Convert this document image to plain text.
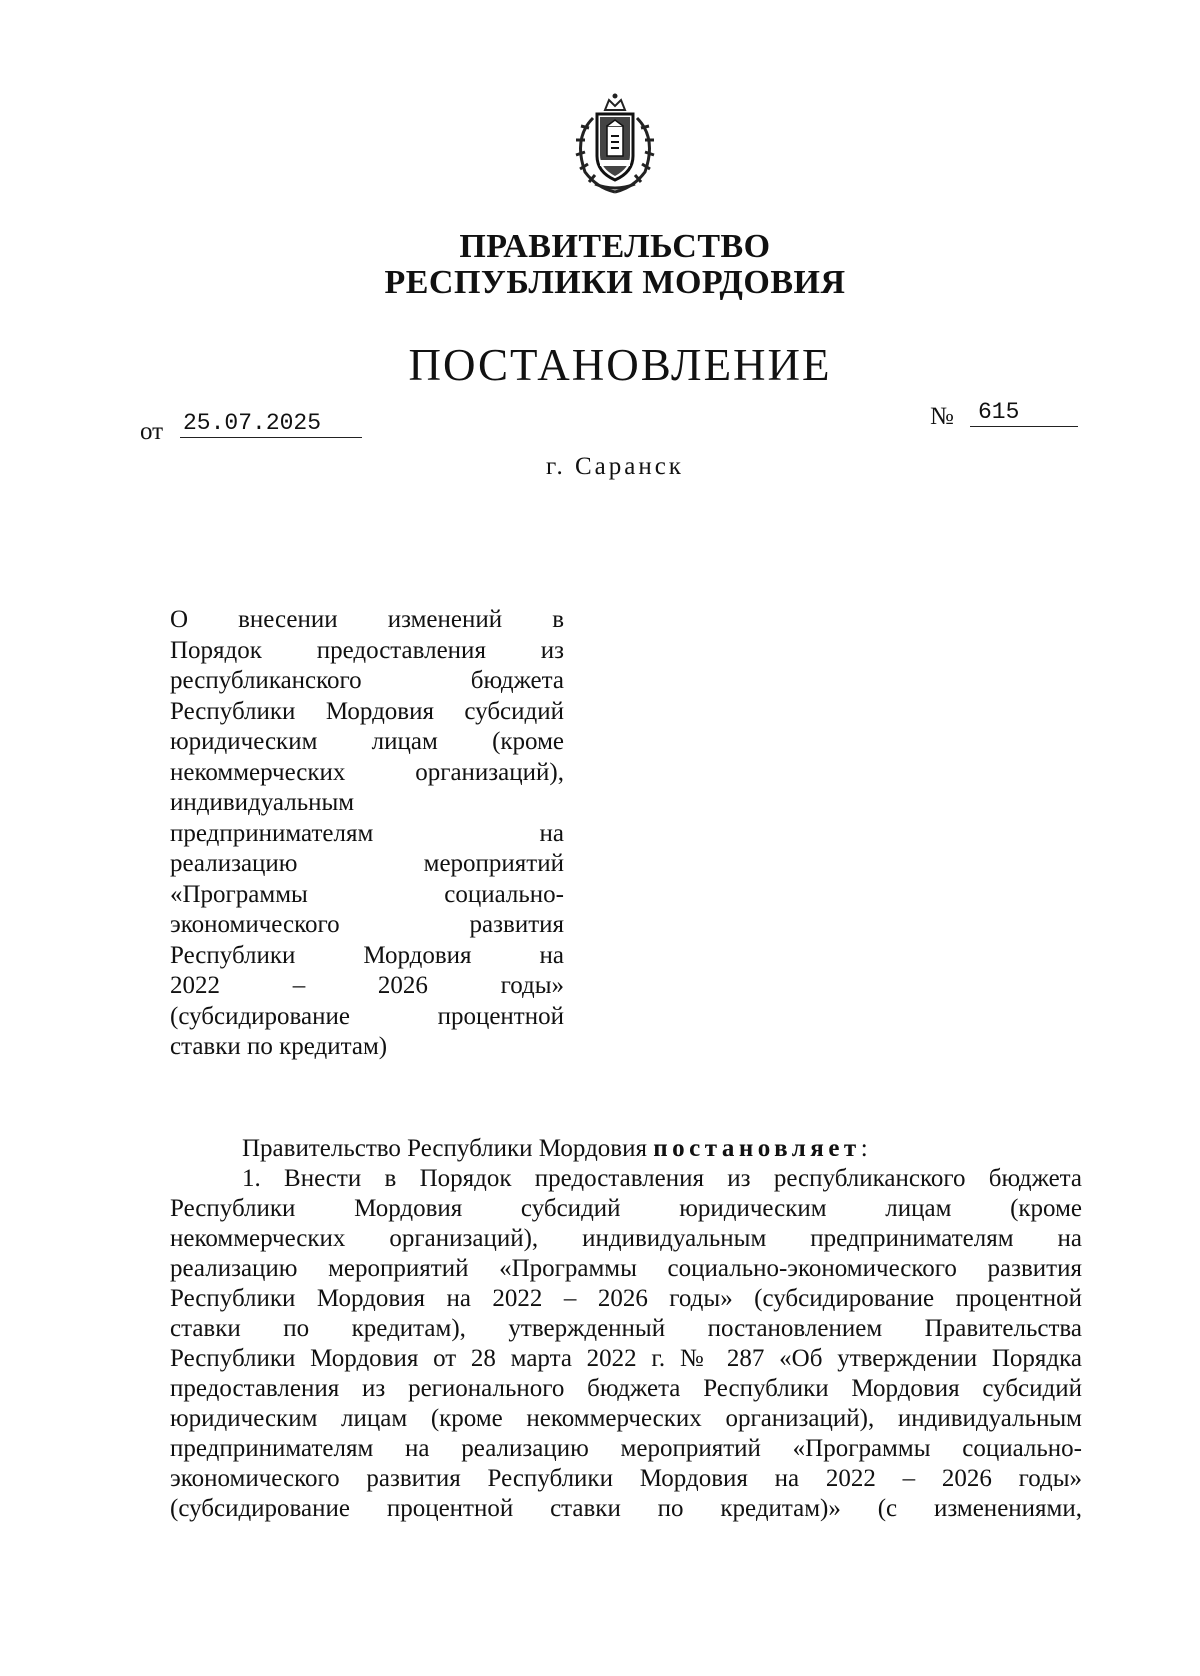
ПРАВИТЕЛЬСТВО
РЕСПУБЛИКИ МОРДОВИЯ
ПОСТАНОВЛЕНИЕ
от 25.07.2025	№	615
г. Саранск
О внесении изменений в
Порядок предоставления из
республиканского бюджета
Республики Мордовия субсидий
юридическим лицам (кроме
некоммерческих организаций),
индивидуальным
предпринимателям на
реализацию мероприятий
«Программы социально-
экономического развития
Республики Мордовия на
2022 – 2026 годы»
(субсидирование процентной
ставки по кредитам)
Правительство Республики Мордовия постановляет:
1. Внести в Порядок предоставления из республиканского бюджета
Республики Мордовия субсидий юридическим лицам (кроме
некоммерческих организаций), индивидуальным предпринимателям на
реализацию мероприятий «Программы социально-экономического развития
Республики Мордовия на 2022 – 2026 годы» (субсидирование процентной
ставки по кредитам), утвержденный постановлением Правительства
Республики Мордовия от 28 марта 2022 г. № 287 «Об утверждении Порядка
предоставления из регионального бюджета Республики Мордовия субсидий
юридическим лицам (кроме некоммерческих организаций), индивидуальным
предпринимателям на реализацию мероприятий «Программы социально-
экономического развития Республики Мордовия на 2022 – 2026 годы»
(субсидирование процентной ставки по кредитам)» (с изменениями,
